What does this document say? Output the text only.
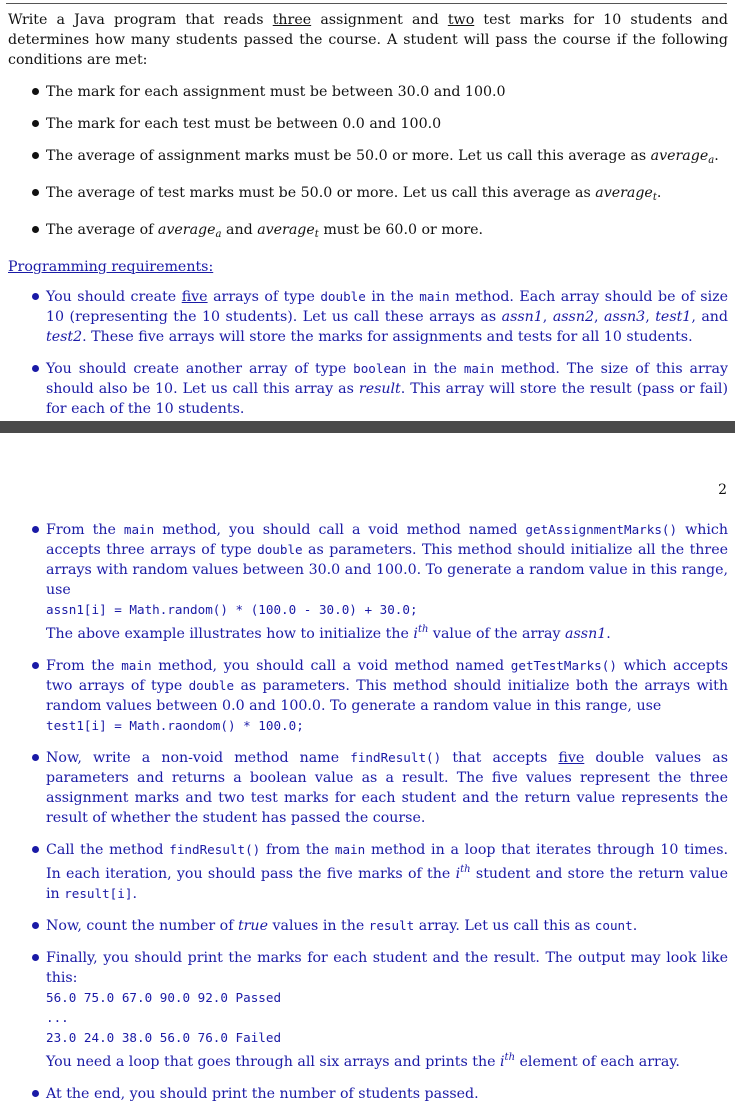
Write a Java program that reads three assignment and two test marks for 10 students and determines how many students passed the course. A student will pass the course if the following conditions are met:

The mark for each assignment must be between 30.0 and 100.0
The mark for each test must be between 0.0 and 100.0
The average of assignment marks must be 50.0 or more. Let us call this average as average$_a$.
The average of test marks must be 50.0 or more. Let us call this average as average$_t$.
The average of average$_a$ and average$_t$ must be 60.0 or more.

Programming requirements:

You should create five arrays of type double in the main method. Each array should be of size 10 (representing the 10 students). Let us call these arrays as assn1, assn2, assn3, test1, and test2. These five arrays will store the marks for assignments and tests for all 10 students.
You should create another array of type boolean in the main method. The size of this array should also be 10. Let us call this array as result. This array will store the result (pass or fail) for each of the 10 students.
2
From the main method, you should call a void method named getAssignmentMarks() which accepts three arrays of type double as parameters. This method should initialize all the three arrays with random values between 30.0 and 100.0. To generate a random value in this range, use
assn1[i] = Math.random() * (100.0 - 30.0) + 30.0;
The above example illustrates how to initialize the $i^{th}$ value of the array assn1.
From the main method, you should call a void method named getTestMarks() which accepts two arrays of type double as parameters. This method should initialize both the arrays with random values between 0.0 and 100.0. To generate a random value in this range, use
test1[i] = Math.raondom() * 100.0;
Now, write a non-void method name findResult() that accepts five double values as parameters and returns a boolean value as a result. The five values represent the three assignment marks and two test marks for each student and the return value represents the result of whether the student has passed the course.
Call the method findResult() from the main method in a loop that iterates through 10 times. In each iteration, you should pass the five marks of the $i^{th}$ student and store the return value in result[i].
Now, count the number of true values in the result array. Let us call this as count.
Finally, you should print the marks for each student and the result. The output may look like this:
56.0 75.0 67.0 90.0 92.0 Passed
...
23.0 24.0 38.0 56.0 76.0 Failed
You need a loop that goes through all six arrays and prints the $i^{th}$ element of each array.
At the end, you should print the number of students passed.
